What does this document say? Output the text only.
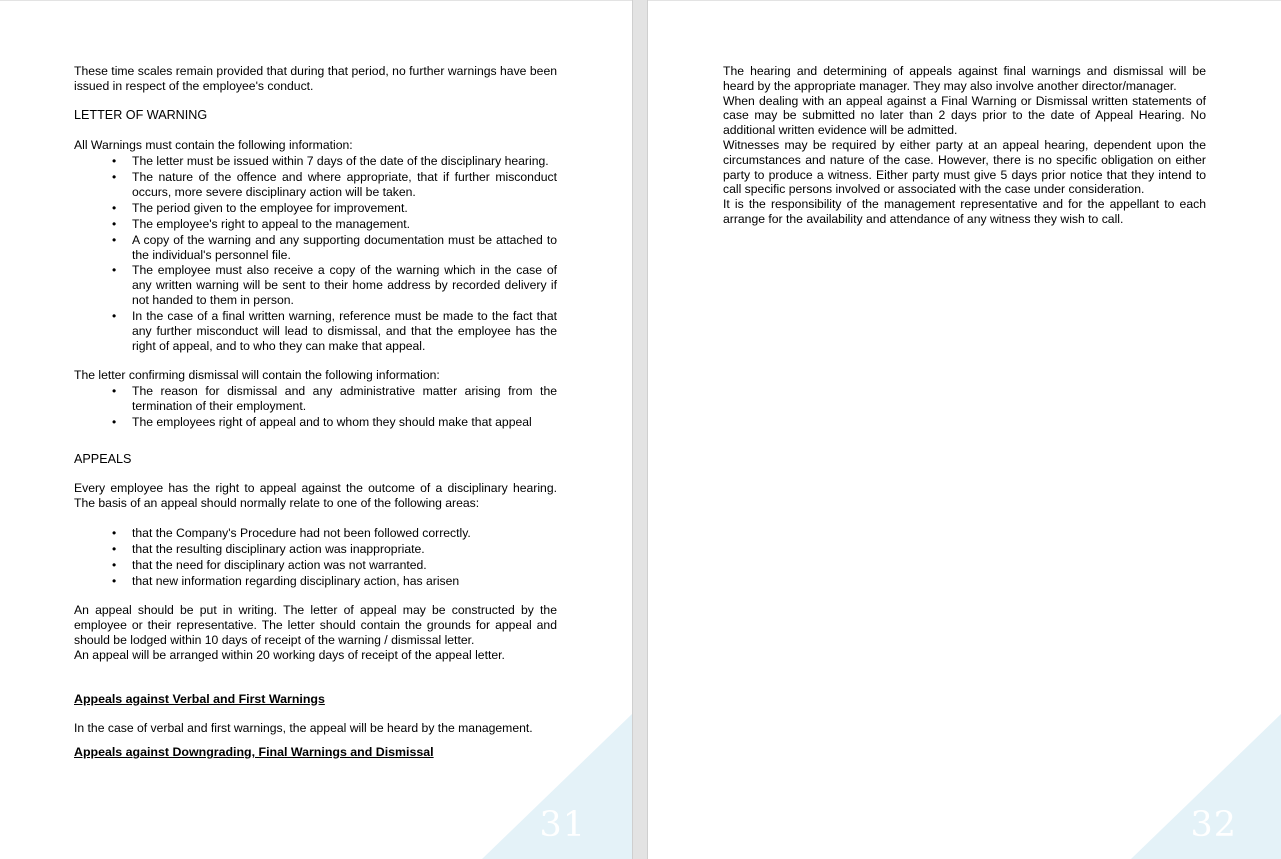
These time scales remain provided that during that period, no further warnings have been issued in respect of the employee's conduct.

LETTER OF WARNING

All Warnings must contain the following information:

• The letter must be issued within 7 days of the date of the disciplinary hearing.
• The nature of the offence and where appropriate, that if further misconduct occurs, more severe disciplinary action will be taken.
• The period given to the employee for improvement.
• The employee's right to appeal to the management.
• A copy of the warning and any supporting documentation must be attached to the individual's personnel file.
• The employee must also receive a copy of the warning which in the case of any written warning will be sent to their home address by recorded delivery if not handed to them in person.
• In the case of a final written warning, reference must be made to the fact that any further misconduct will lead to dismissal, and that the employee has the right of appeal, and to who they can make that appeal.

The letter confirming dismissal will contain the following information:

• The reason for dismissal and any administrative matter arising from the termination of their employment.
• The employees right of appeal and to whom they should make that appeal
APPEALS

Every employee has the right to appeal against the outcome of a disciplinary hearing. The basis of an appeal should normally relate to one of the following areas:

• that the Company's Procedure had not been followed correctly.
• that the resulting disciplinary action was inappropriate.
• that the need for disciplinary action was not warranted.
• that new information regarding disciplinary action, has arisen

An appeal should be put in writing. The letter of appeal may be constructed by the employee or their representative. The letter should contain the grounds for appeal and should be lodged within 10 days of receipt of the warning / dismissal letter.

An appeal will be arranged within 20 working days of receipt of the appeal letter.

Appeals against Verbal and First Warnings

In the case of verbal and first warnings, the appeal will be heard by the management.

Appeals against Downgrading, Final Warnings and Dismissal

31

The hearing and determining of appeals against final warnings and dismissal will be heard by the appropriate manager. They may also involve another director/manager.

When dealing with an appeal against a Final Warning or Dismissal written statements of case may be submitted no later than 2 days prior to the date of Appeal Hearing. No additional written evidence will be admitted.

Witnesses may be required by either party at an appeal hearing, dependent upon the circumstances and nature of the case. However, there is no specific obligation on either party to produce a witness. Either party must give 5 days prior notice that they intend to call specific persons involved or associated with the case under consideration.

It is the responsibility of the management representative and for the appellant to each arrange for the availability and attendance of any witness they wish to call.

32
